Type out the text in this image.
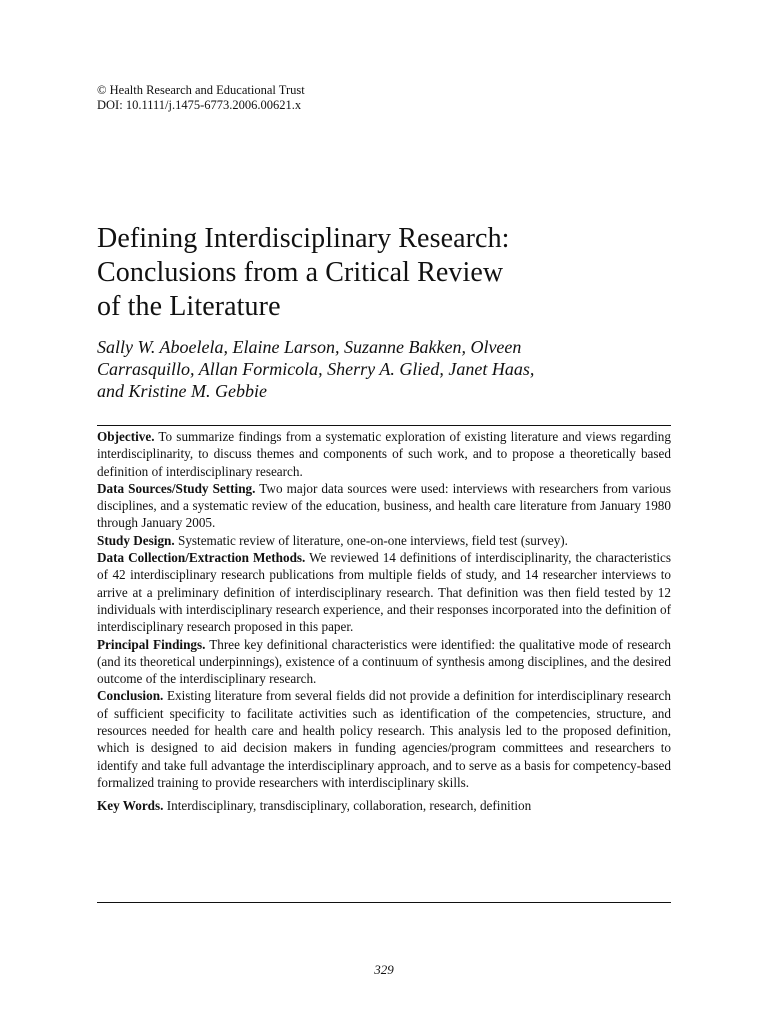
© Health Research and Educational Trust
DOI: 10.1111/j.1475-6773.2006.00621.x
Defining Interdisciplinary Research:
Conclusions from a Critical Review
of the Literature
Sally W. Aboelela, Elaine Larson, Suzanne Bakken, Olveen
Carrasquillo, Allan Formicola, Sherry A. Glied, Janet Haas,
and Kristine M. Gebbie

Objective. To summarize findings from a systematic exploration of existing literature and views regarding interdisciplinarity, to discuss themes and components of such work, and to propose a theoretically based definition of interdisciplinary research.

Data Sources/Study Setting. Two major data sources were used: interviews with researchers from various disciplines, and a systematic review of the education, business, and health care literature from January 1980 through January 2005.

Study Design. Systematic review of literature, one-on-one interviews, field test (survey).

Data Collection/Extraction Methods. We reviewed 14 definitions of interdisciplinarity, the characteristics of 42 interdisciplinary research publications from multiple fields of study, and 14 researcher interviews to arrive at a preliminary definition of interdisciplinary research. That definition was then field tested by 12 individuals with interdisciplinary research experience, and their responses incorporated into the definition of interdisciplinary research proposed in this paper.

Principal Findings. Three key definitional characteristics were identified: the qualitative mode of research (and its theoretical underpinnings), existence of a continuum of synthesis among disciplines, and the desired outcome of the interdisciplinary research.

Conclusion. Existing literature from several fields did not provide a definition for interdisciplinary research of sufficient specificity to facilitate activities such as identification of the competencies, structure, and resources needed for health care and health policy research. This analysis led to the proposed definition, which is designed to aid decision makers in funding agencies/program committees and researchers to identify and take full advantage the interdisciplinary approach, and to serve as a basis for competency-based formalized training to provide researchers with interdisciplinary skills.

Key Words. Interdisciplinary, transdisciplinary, collaboration, research, definition

329
